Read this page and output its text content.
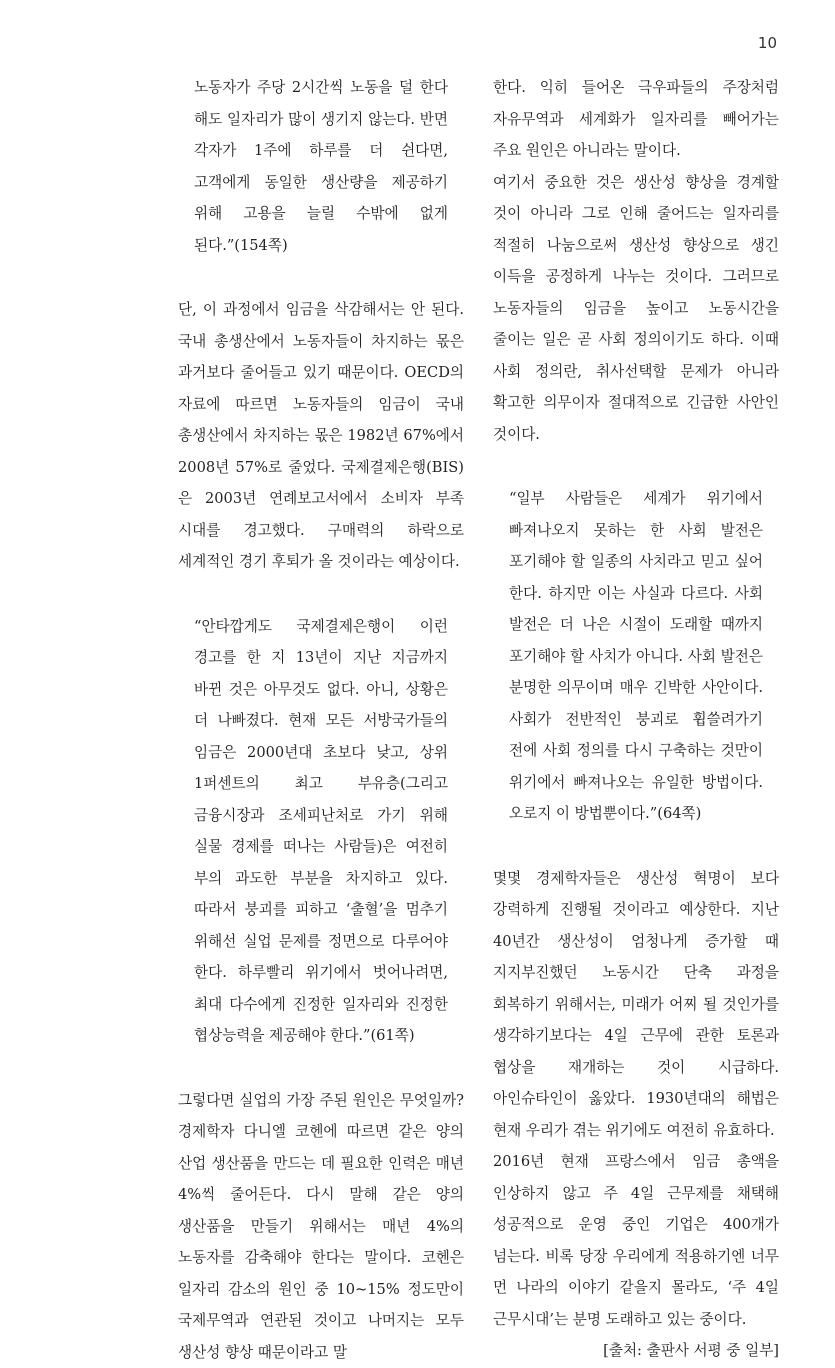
10

노동자가 주당 2시간씩 노동을 덜 한다 해도 일자리가 많이 생기지 않는다. 반면 각자가 1주에 하루를 더 쉰다면, 고객에게 동일한 생산량을 제공하기 위해 고용을 늘릴 수밖에 없게 된다.”(154쪽)

단, 이 과정에서 임금을 삭감해서는 안 된다. 국내 총생산에서 노동자들이 차지하는 몫은 과거보다 줄어들고 있기 때문이다. OECD의 자료에 따르면 노동자들의 임금이 국내 총생산에서 차지하는 몫은 1982년 67%에서 2008년 57%로 줄었다. 국제결제은행(BIS)은 2003년 연례보고서에서 소비자 부족 시대를 경고했다. 구매력의 하락으로 세계적인 경기 후퇴가 올 것이라는 예상이다.

“안타깝게도 국제결제은행이 이런 경고를 한 지 13년이 지난 지금까지 바뀐 것은 아무것도 없다. 아니, 상황은 더 나빠졌다. 현재 모든 서방국가들의 임금은 2000년대 초보다 낮고, 상위 1퍼센트의 최고 부유층(그리고 금융시장과 조세피난처로 가기 위해 실물 경제를 떠나는 사람들)은 여전히 부의 과도한 부분을 차지하고 있다. 따라서 붕괴를 피하고 ‘출혈’을 멈추기 위해선 실업 문제를 정면으로 다루어야 한다. 하루빨리 위기에서 벗어나려면, 최대 다수에게 진정한 일자리와 진정한 협상능력을 제공해야 한다.”(61쪽)

그렇다면 실업의 가장 주된 원인은 무엇일까? 경제학자 다니엘 코헨에 따르면 같은 양의 산업 생산품을 만드는 데 필요한 인력은 매년 4%씩 줄어든다. 다시 말해 같은 양의 생산품을 만들기 위해서는 매년 4%의 노동자를 감축해야 한다는 말이다. 코헨은 일자리 감소의 원인 중 10~15% 정도만이 국제무역과 연관된 것이고 나머지는 모두 생산성 향상 때문이라고 말

한다. 익히 들어온 극우파들의 주장처럼 자유무역과 세계화가 일자리를 빼어가는 주요 원인은 아니라는 말이다.

여기서 중요한 것은 생산성 향상을 경계할 것이 아니라 그로 인해 줄어드는 일자리를 적절히 나눔으로써 생산성 향상으로 생긴 이득을 공정하게 나누는 것이다. 그러므로 노동자들의 임금을 높이고 노동시간을 줄이는 일은 곧 사회 정의이기도 하다. 이때 사회 정의란, 취사선택할 문제가 아니라 확고한 의무이자 절대적으로 긴급한 사안인 것이다.

“일부 사람들은 세계가 위기에서 빠져나오지 못하는 한 사회 발전은 포기해야 할 일종의 사치라고 믿고 싶어 한다. 하지만 이는 사실과 다르다. 사회 발전은 더 나은 시절이 도래할 때까지 포기해야 할 사치가 아니다. 사회 발전은 분명한 의무이며 매우 긴박한 사안이다. 사회가 전반적인 붕괴로 휩쓸려가기 전에 사회 정의를 다시 구축하는 것만이 위기에서 빠져나오는 유일한 방법이다. 오로지 이 방법뿐이다.”(64쪽)

몇몇 경제학자들은 생산성 혁명이 보다 강력하게 진행될 것이라고 예상한다. 지난 40년간 생산성이 엄청나게 증가할 때 지지부진했던 노동시간 단축 과정을 회복하기 위해서는, 미래가 어찌 될 것인가를 생각하기보다는 4일 근무에 관한 토론과 협상을 재개하는 것이 시급하다. 아인슈타인이 옳았다. 1930년대의 해법은 현재 우리가 겪는 위기에도 여전히 유효하다.

2016년 현재 프랑스에서 임금 총액을 인상하지 않고 주 4일 근무제를 채택해 성공적으로 운영 중인 기업은 400개가 넘는다. 비록 당장 우리에게 적용하기엔 너무 먼 나라의 이야기 같을지 몰라도, ‘주 4일 근무시대’는 분명 도래하고 있는 중이다.

[출처: 출판사 서평 중 일부]
